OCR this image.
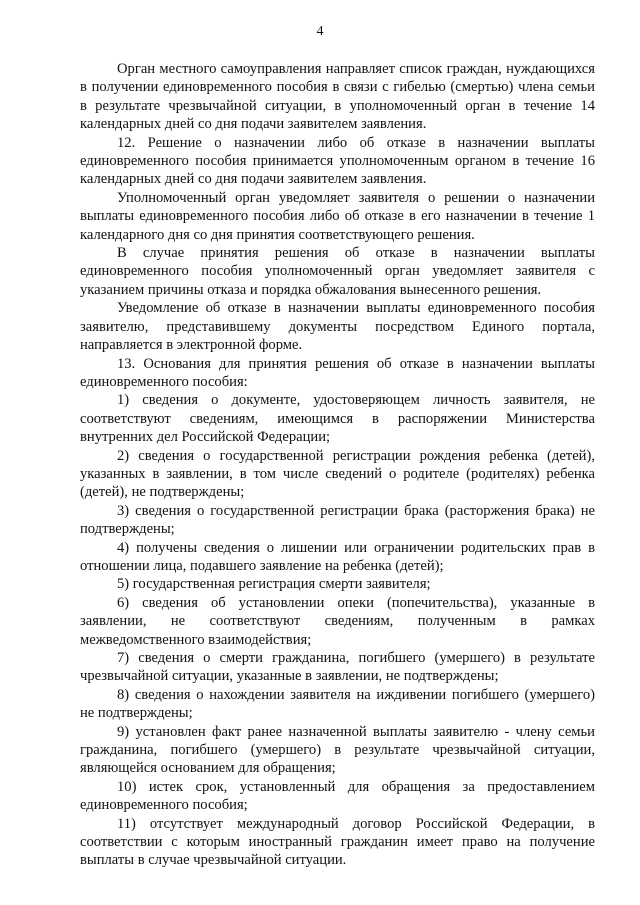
4

Орган местного самоуправления направляет список граждан, нуждающихся в получении единовременного пособия в связи с гибелью (смертью) члена семьи в результате чрезвычайной ситуации, в уполномоченный орган в течение 14 календарных дней со дня подачи заявителем заявления.

12. Решение о назначении либо об отказе в назначении выплаты единовременного пособия принимается уполномоченным органом в течение 16 календарных дней со дня подачи заявителем заявления.

Уполномоченный орган уведомляет заявителя о решении о назначении выплаты единовременного пособия либо об отказе в его назначении в течение 1 календарного дня со дня принятия соответствующего решения.

В случае принятия решения об отказе в назначении выплаты единовременного пособия уполномоченный орган уведомляет заявителя с указанием причины отказа и порядка обжалования вынесенного решения.

Уведомление об отказе в назначении выплаты единовременного пособия заявителю, представившему документы посредством Единого портала, направляется в электронной форме.

13. Основания для принятия решения об отказе в назначении выплаты единовременного пособия:

1) сведения о документе, удостоверяющем личность заявителя, не соответствуют сведениям, имеющимся в распоряжении Министерства внутренних дел Российской Федерации;

2) сведения о государственной регистрации рождения ребенка (детей), указанных в заявлении, в том числе сведений о родителе (родителях) ребенка (детей), не подтверждены;

3) сведения о государственной регистрации брака (расторжения брака) не подтверждены;

4) получены сведения о лишении или ограничении родительских прав в отношении лица, подавшего заявление на ребенка (детей);

5) государственная регистрация смерти заявителя;

6) сведения об установлении опеки (попечительства), указанные в заявлении, не соответствуют сведениям, полученным в рамках межведомственного взаимодействия;

7) сведения о смерти гражданина, погибшего (умершего) в результате чрезвычайной ситуации, указанные в заявлении, не подтверждены;

8) сведения о нахождении заявителя на иждивении погибшего (умершего) не подтверждены;

9) установлен факт ранее назначенной выплаты заявителю - члену семьи гражданина, погибшего (умершего) в результате чрезвычайной ситуации, являющейся основанием для обращения;

10) истек срок, установленный для обращения за предоставлением единовременного пособия;

11) отсутствует международный договор Российской Федерации, в соответствии с которым иностранный гражданин имеет право на получение выплаты в случае чрезвычайной ситуации.
